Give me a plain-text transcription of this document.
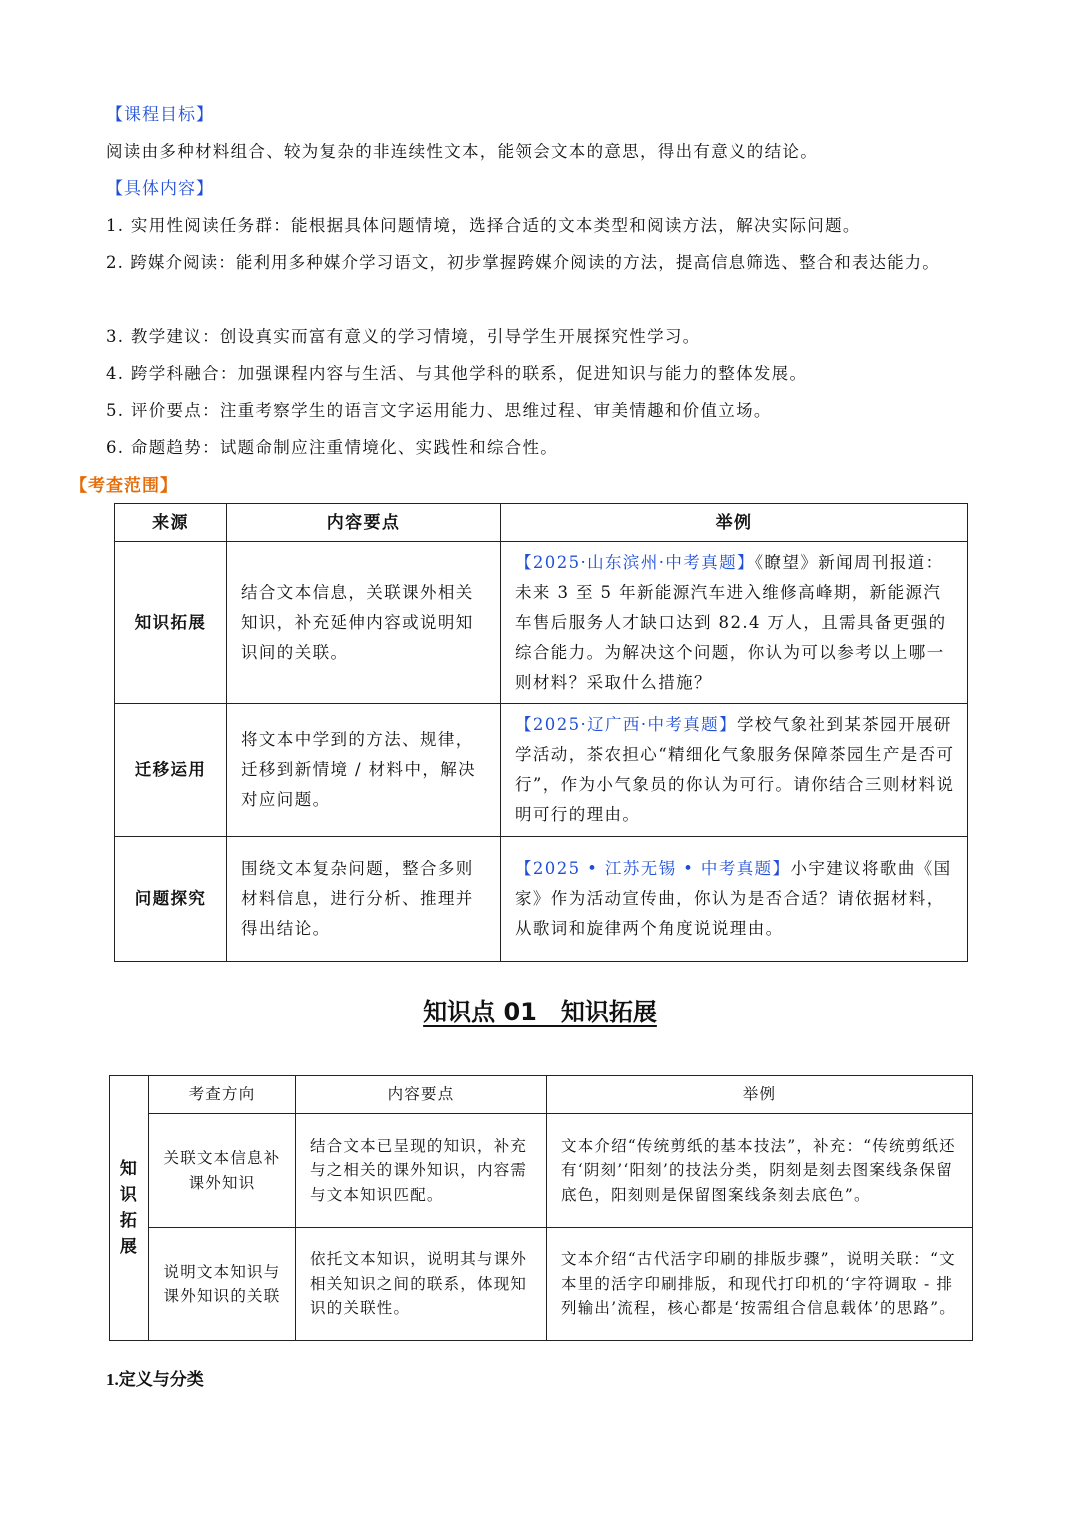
【课程目标】
阅读由多种材料组合、较为复杂的非连续性文本，能领会文本的意思，得出有意义的结论。
【具体内容】
1. 实用性阅读任务群：能根据具体问题情境，选择合适的文本类型和阅读方法，解决实际问题。
2. 跨媒介阅读：能利用多种媒介学习语文，初步掌握跨媒介阅读的方法，提高信息筛选、整合和表达能力。
3. 教学建议：创设真实而富有意义的学习情境，引导学生开展探究性学习。
4. 跨学科融合：加强课程内容与生活、与其他学科的联系，促进知识与能力的整体发展。
5. 评价要点：注重考察学生的语言文字运用能力、思维过程、审美情趣和价值立场。
6. 命题趋势：试题命制应注重情境化、实践性和综合性。
【考查范围】
来源	内容要点	举例
知识拓展	结合文本信息，关联课外相关知识，补充延伸内容或说明知识间的关联。	【2025·山东滨州·中考真题】《瞭望》新闻周刊报道：未来 3 至 5 年新能源汽车进入维修高峰期，新能源汽车售后服务人才缺口达到 82.4 万人，且需具备更强的综合能力。为解决这个问题，你认为可以参考以上哪一则材料？采取什么措施？
迁移运用	将文本中学到的方法、规律，迁移到新情境 / 材料中，解决对应问题。	【2025·辽广西·中考真题】学校气象社到某茶园开展研学活动，茶农担心“精细化气象服务保障茶园生产是否可行”，作为小气象员的你认为可行。请你结合三则材料说明可行的理由。
问题探究	围绕文本复杂问题，整合多则材料信息，进行分析、推理并得出结论。	【2025 • 江苏无锡 • 中考真题】小宇建议将歌曲《国家》作为活动宣传曲，你认为是否合适？请依据材料，从歌词和旋律两个角度说说理由。
知识点 01　知识拓展
知识拓展	考查方向	内容要点	举例
	关联文本信息补课外知识	结合文本已呈现的知识，补充与之相关的课外知识，内容需与文本知识匹配。	文本介绍“传统剪纸的基本技法”，补充：“传统剪纸还有‘阴刻’‘阳刻’的技法分类，阴刻是刻去图案线条保留底色，阳刻则是保留图案线条刻去底色”。
	说明文本知识与课外知识的关联	依托文本知识，说明其与课外相关知识之间的联系，体现知识的关联性。	文本介绍“古代活字印刷的排版步骤”，说明关联：“文本里的活字印刷排版，和现代打印机的‘字符调取 - 排列输出’流程，核心都是‘按需组合信息载体’的思路”。
1.定义与分类
